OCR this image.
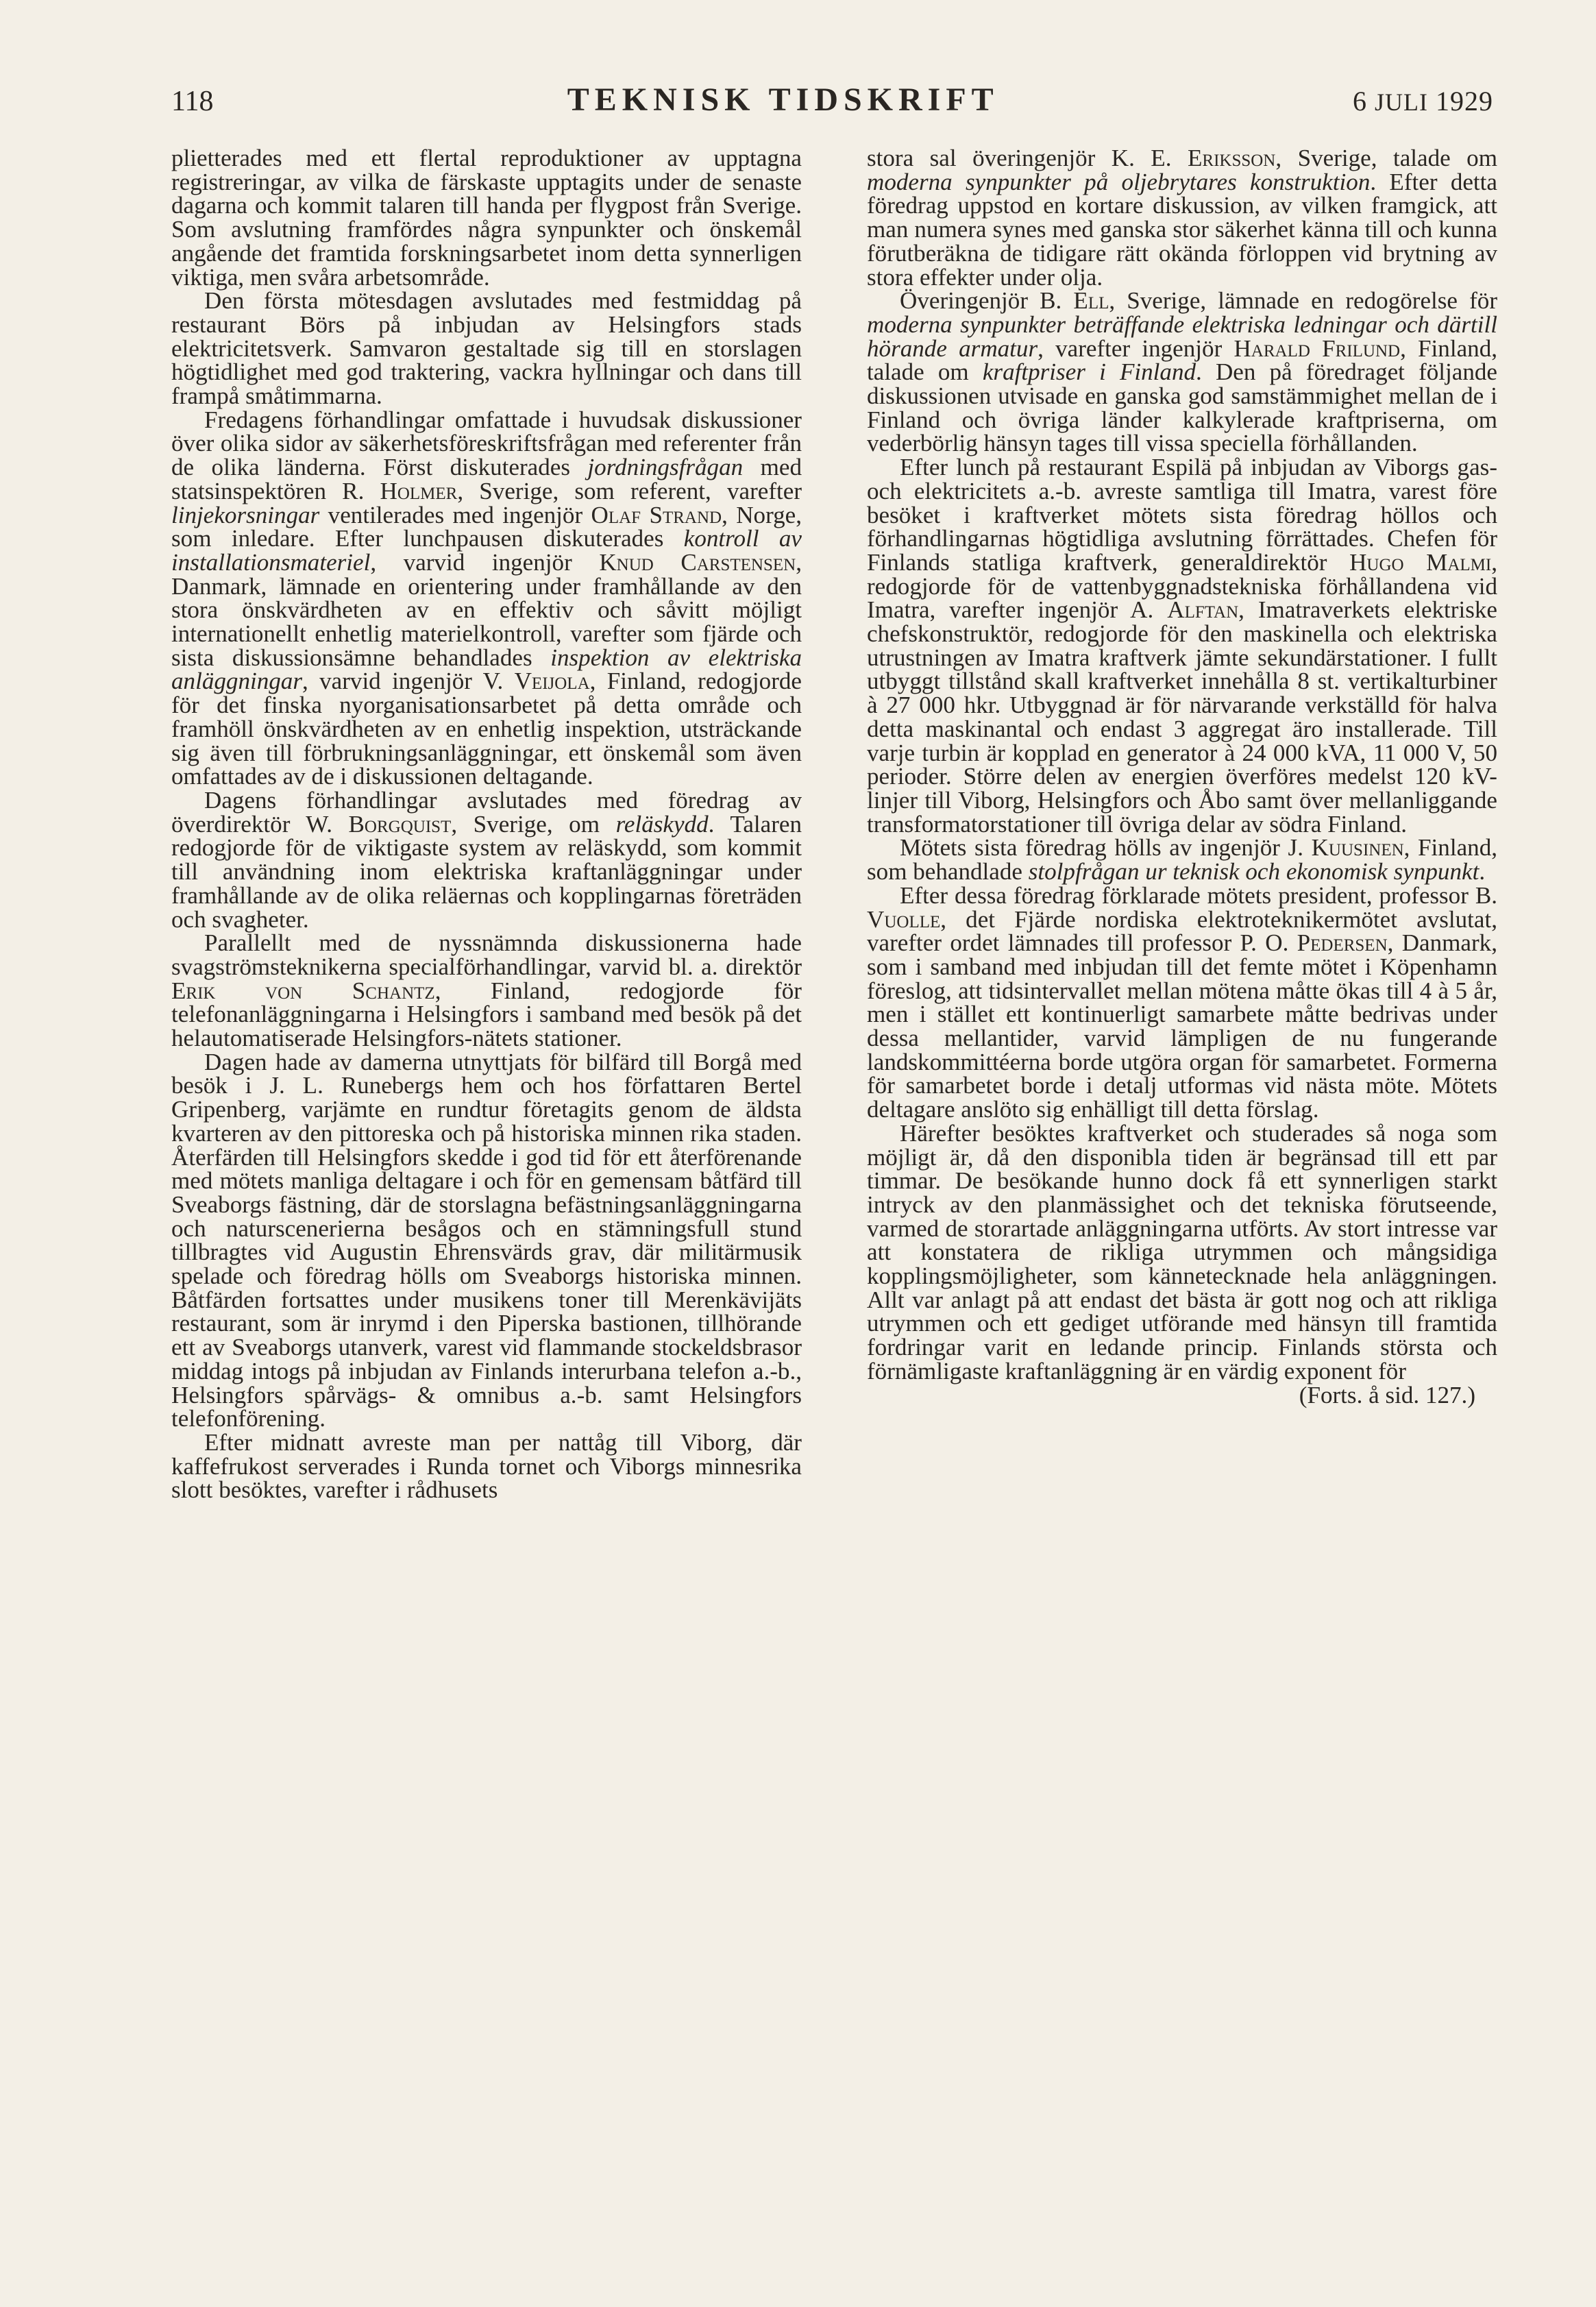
118	TEKNISK TIDSKRIFT	6 JULI 1929

plietterades med ett flertal reproduktioner av upptagna registreringar, av vilka de färskaste upptagits under de senaste dagarna och kommit talaren till handa per flygpost från Sverige. Som avslutning framfördes några synpunkter och önskemål angående det framtida forskningsarbetet inom detta synnerligen viktiga, men svåra arbetsområde.

Den första mötesdagen avslutades med festmiddag på restaurant Börs på inbjudan av Helsingfors stads elektricitetsverk. Samvaron gestaltade sig till en storslagen högtidlighet med god traktering, vackra hyllningar och dans till frampå småtimmarna.

Fredagens förhandlingar omfattade i huvudsak diskussioner över olika sidor av säkerhetsföreskriftsfrågan med referenter från de olika länderna. Först diskuterades jordningsfrågan med statsinspektören R. Holmer, Sverige, som referent, varefter linjekorsningar ventilerades med ingenjör Olaf Strand, Norge, som inledare. Efter lunchpausen diskuterades kontroll av installationsmateriel, varvid ingenjör Knud Carstensen, Danmark, lämnade en orientering under framhållande av den stora önskvärdheten av en effektiv och såvitt möjligt internationellt enhetlig materielkontroll, varefter som fjärde och sista diskussionsämne behandlades inspektion av elektriska anläggningar, varvid ingenjör V. Veijola, Finland, redogjorde för det finska nyorganisationsarbetet på detta område och framhöll önskvärdheten av en enhetlig inspektion, utsträckande sig även till förbrukningsanläggningar, ett önskemål som även omfattades av de i diskussionen deltagande.

Dagens förhandlingar avslutades med föredrag av överdirektör W. Borgquist, Sverige, om reläskydd. Talaren redogjorde för de viktigaste system av reläskydd, som kommit till användning inom elektriska kraftanläggningar under framhållande av de olika reläernas och kopplingarnas företräden och svagheter.

Parallellt med de nyssnämnda diskussionerna hade svagströmsteknikerna specialförhandlingar, varvid bl. a. direktör Erik von Schantz, Finland, redogjorde för telefonanläggningarna i Helsingfors i samband med besök på det helautomatiserade Helsingfors-nätets stationer.

Dagen hade av damerna utnyttjats för bilfärd till Borgå med besök i J. L. Runebergs hem och hos författaren Bertel Gripenberg, varjämte en rundtur företagits genom de äldsta kvarteren av den pittoreska och på historiska minnen rika staden. Återfärden till Helsingfors skedde i god tid för ett återförenande med mötets manliga deltagare i och för en gemensam båtfärd till Sveaborgs fästning, där de storslagna befästningsanläggningarna och naturscenerierna besågos och en stämningsfull stund tillbragtes vid Augustin Ehrensvärds grav, där militärmusik spelade och föredrag hölls om Sveaborgs historiska minnen. Båtfärden fortsattes under musikens toner till Merenkävijäts restaurant, som är inrymd i den Piperska bastionen, tillhörande ett av Sveaborgs utanverk, varest vid flammande stockeldsbrasor middag intogs på inbjudan av Finlands interurbana telefon a.-b., Helsingfors spårvägs- & omnibus a.-b. samt Helsingfors telefonförening.

Efter midnatt avreste man per nattåg till Viborg, där kaffefrukost serverades i Runda tornet och Viborgs minnesrika slott besöktes, varefter i rådhusets

stora sal överingenjör K. E. Eriksson, Sverige, talade om moderna synpunkter på oljebrytares konstruktion. Efter detta föredrag uppstod en kortare diskussion, av vilken framgick, att man numera synes med ganska stor säkerhet känna till och kunna förutberäkna de tidigare rätt okända förloppen vid brytning av stora effekter under olja.

Överingenjör B. Ell, Sverige, lämnade en redogörelse för moderna synpunkter beträffande elektriska ledningar och därtill hörande armatur, varefter ingenjör Harald Frilund, Finland, talade om kraftpriser i Finland. Den på föredraget följande diskussionen utvisade en ganska god samstämmighet mellan de i Finland och övriga länder kalkylerade kraftpriserna, om vederbörlig hänsyn tages till vissa speciella förhållanden.

Efter lunch på restaurant Espilä på inbjudan av Viborgs gas- och elektricitets a.-b. avreste samtliga till Imatra, varest före besöket i kraftverket mötets sista föredrag höllos och förhandlingarnas högtidliga avslutning förrättades. Chefen för Finlands statliga kraftverk, generaldirektör Hugo Malmi, redogjorde för de vattenbyggnadstekniska förhållandena vid Imatra, varefter ingenjör A. Alftan, Imatraverkets elektriske chefskonstruktör, redogjorde för den maskinella och elektriska utrustningen av Imatra kraftverk jämte sekundärstationer. I fullt utbyggt tillstånd skall kraftverket innehålla 8 st. vertikalturbiner à 27 000 hkr. Utbyggnad är för närvarande verkställd för halva detta maskinantal och endast 3 aggregat äro installerade. Till varje turbin är kopplad en generator à 24 000 kVA, 11 000 V, 50 perioder. Större delen av energien överföres medelst 120 kV-linjer till Viborg, Helsingfors och Åbo samt över mellanliggande transformatorstationer till övriga delar av södra Finland.

Mötets sista föredrag hölls av ingenjör J. Kuusinen, Finland, som behandlade stolpfrågan ur teknisk och ekonomisk synpunkt.

Efter dessa föredrag förklarade mötets president, professor B. Vuolle, det Fjärde nordiska elektroteknikermötet avslutat, varefter ordet lämnades till professor P. O. Pedersen, Danmark, som i samband med inbjudan till det femte mötet i Köpenhamn föreslog, att tidsintervallet mellan mötena måtte ökas till 4 à 5 år, men i stället ett kontinuerligt samarbete måtte bedrivas under dessa mellantider, varvid lämpligen de nu fungerande landskommittéerna borde utgöra organ för samarbetet. Formerna för samarbetet borde i detalj utformas vid nästa möte. Mötets deltagare anslöto sig enhälligt till detta förslag.

Härefter besöktes kraftverket och studerades så noga som möjligt är, då den disponibla tiden är begränsad till ett par timmar. De besökande hunno dock få ett synnerligen starkt intryck av den planmässighet och det tekniska förutseende, varmed de storartade anläggningarna utförts. Av stort intresse var att konstatera de rikliga utrymmen och mångsidiga kopplingsmöjligheter, som kännetecknade hela anläggningen. Allt var anlagt på att endast det bästa är gott nog och att rikliga utrymmen och ett gediget utförande med hänsyn till framtida fordringar varit en ledande princip. Finlands största och förnämligaste kraftanläggning är en värdig exponent för

(Forts. å sid. 127.)
